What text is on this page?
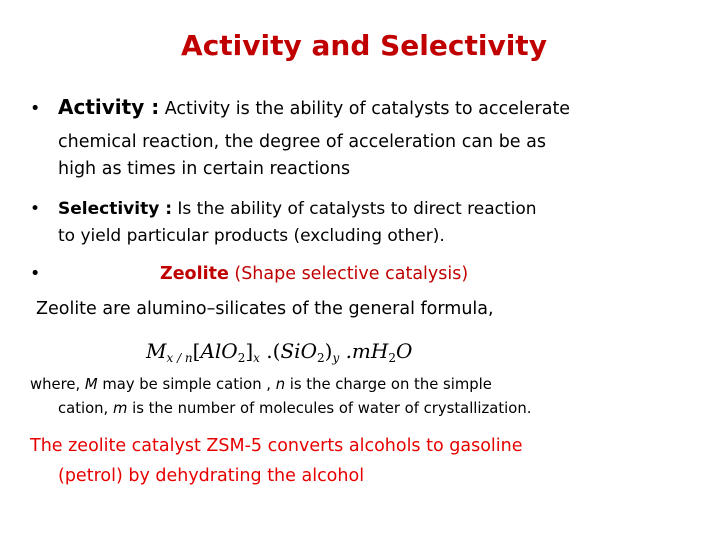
Activity and Selectivity
• Activity : Activity is the ability of catalysts to accelerate
chemical reaction, the degree of acceleration can be as
high as times in certain reactions
• Selectivity : Is the ability of catalysts to direct reaction
to yield particular products (excluding other).
•	Zeolite (Shape selective catalysis)
Zeolite are alumino–silicates of the general formula,
$M_{x / n}[AlO_2]_x$ $.(SiO_2)_y$ $.mH_2O$
where, M may be simple cation , n is the charge on the simple
cation, m is the number of molecules of water of crystallization.
The zeolite catalyst ZSM-5 converts alcohols to gasoline
(petrol) by dehydrating the alcohol
